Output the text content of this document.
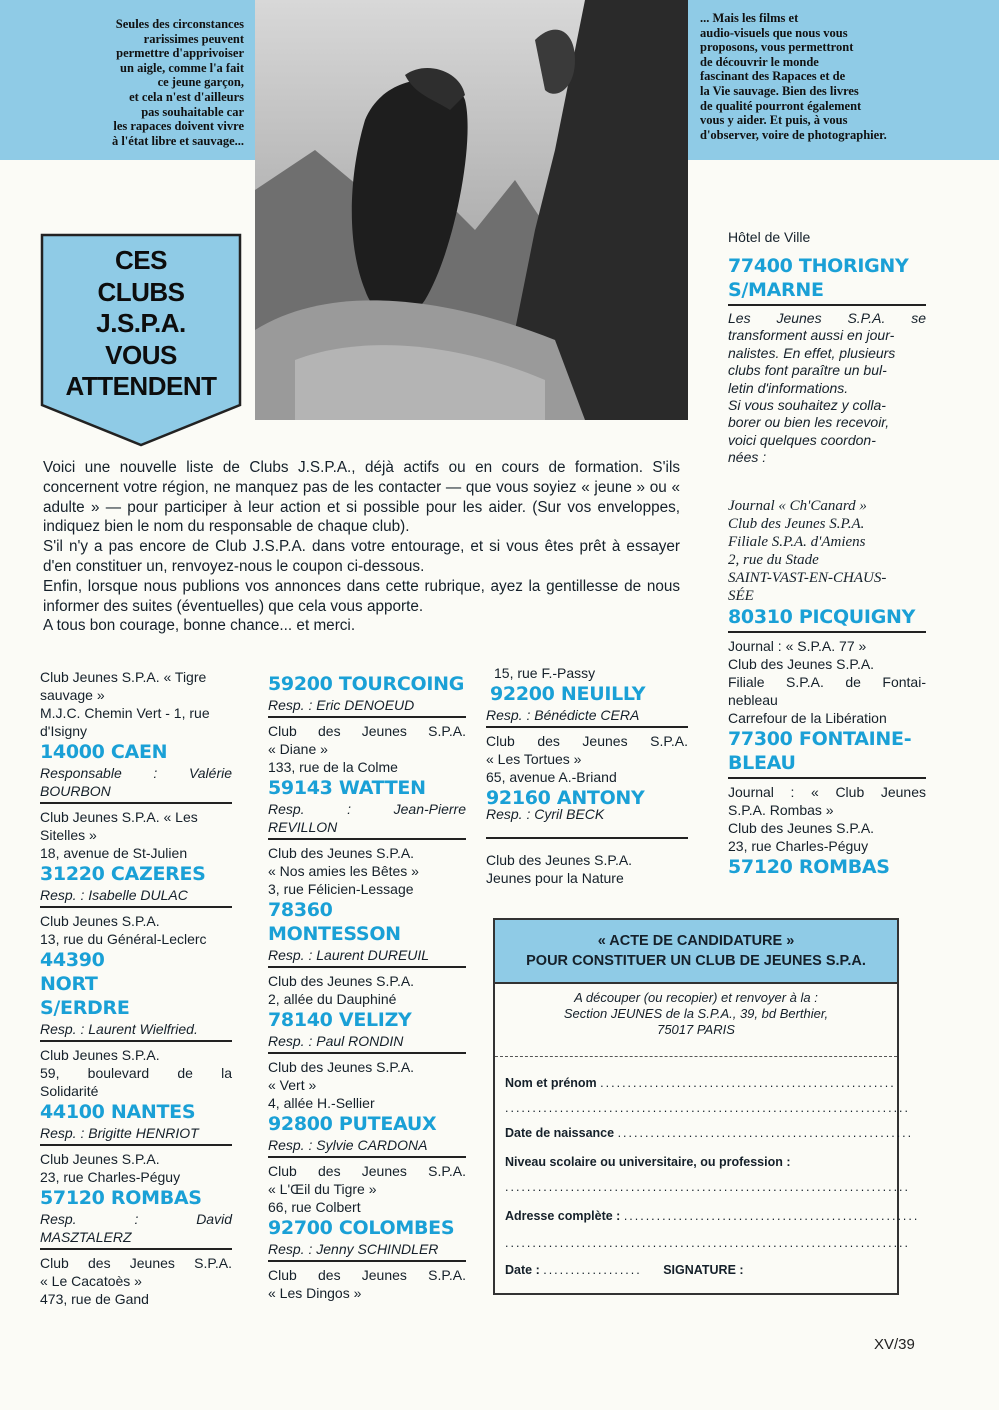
Seules des circonstances
rarissimes peuvent
permettre d'apprivoiser
un aigle, comme l'a fait
ce jeune garçon,
et cela n'est d'ailleurs
pas souhaitable car
les rapaces doivent vivre
à l'état libre et sauvage...
... Mais les films et
audio-visuels que nous vous
proposons, vous permettront
de découvrir le monde
fascinant des Rapaces et de
la Vie sauvage. Bien des livres
de qualité pourront également
vous y aider. Et puis, à vous
d'observer, voire de photographier.
CES
CLUBS
J.S.P.A.
VOUS
ATTENDENT

Voici une nouvelle liste de Clubs J.S.P.A., déjà actifs ou en cours de formation. S'ils concernent votre région, ne manquez pas de les contacter — que vous soyiez « jeune » ou « adulte » — pour participer à leur action et si possible pour les aider. (Sur vos enveloppes, indiquez bien le nom du responsable de chaque club).

S'il n'y a pas encore de Club J.S.P.A. dans votre entourage, et si vous êtes prêt à essayer d'en constituer un, renvoyez-nous le coupon ci-dessous.

Enfin, lorsque nous publions vos annonces dans cette rubrique, ayez la gentillesse de nous informer des suites (éventuelles) que cela vous apporte.

A tous bon courage, bonne chance... et merci.

Club Jeunes S.P.A. « Tigre
sauvage »
M.J.C. Chemin Vert - 1, rue
d'Isigny
14000 CAEN
Responsable : Valérie
BOURBON
Club Jeunes S.P.A. « Les
Sitelles »
18, avenue de St-Julien
31220 CAZERES
Resp. : Isabelle DULAC
Club Jeunes S.P.A.
13, rue du Général-Leclerc
44390 NORT S/ERDRE
Resp. : Laurent Wielfried.
Club Jeunes S.P.A.
59, boulevard de la
Solidarité
44100 NANTES
Resp. : Brigitte HENRIOT
Club Jeunes S.P.A.
23, rue Charles-Péguy
57120 ROMBAS
Resp. : David
MASZTALERZ
Club des Jeunes S.P.A.
« Le Cacatoès »
473, rue de Gand
59200 TOURCOING
Resp. : Eric DENOEUD
Club des Jeunes S.P.A.
« Diane »
133, rue de la Colme
59143 WATTEN
Resp. : Jean-Pierre
REVILLON
Club des Jeunes S.P.A.
« Nos amies les Bêtes »
3, rue Félicien-Lessage
78360 MONTESSON
Resp. : Laurent DUREUIL
Club des Jeunes S.P.A.
2, allée du Dauphiné
78140 VELIZY
Resp. : Paul RONDIN
Club des Jeunes S.P.A.
« Vert »
4, allée H.-Sellier
92800 PUTEAUX
Resp. : Sylvie CARDONA
Club des Jeunes S.P.A.
« L'Œil du Tigre »
66, rue Colbert
92700 COLOMBES
Resp. : Jenny SCHINDLER
Club des Jeunes S.P.A.
« Les Dingos »
15, rue F.-Passy
92200 NEUILLY
Resp. : Bénédicte CERA
Club des Jeunes S.P.A.
« Les Tortues »
65, avenue A.-Briand
92160 ANTONY
Resp. : Cyril BECK
Club des Jeunes S.P.A.
Jeunes pour la Nature
Hôtel de Ville
77400 THORIGNY S/MARNE
Les Jeunes S.P.A. se
transforment aussi en jour-
nalistes. En effet, plusieurs
clubs font paraître un bul-
letin d'informations.
Si vous souhaitez y colla-
borer ou bien les recevoir,
voici quelques coordon-
nées :
Journal « Ch'Canard »
Club des Jeunes S.P.A.
Filiale S.P.A. d'Amiens
2, rue du Stade
SAINT-VAST-EN-CHAUS-
SÉE
80310 PICQUIGNY
Journal : « S.P.A. 77 »
Club des Jeunes S.P.A.
Filiale S.P.A. de Fontai-
nebleau
Carrefour de la Libération
77300 FONTAINE-BLEAU
Journal : « Club Jeunes
S.P.A. Rombas »
Club des Jeunes S.P.A.
23, rue Charles-Péguy
57120 ROMBAS
« ACTE DE CANDIDATURE »
POUR CONSTITUER UN CLUB DE JEUNES S.P.A.
A découper (ou recopier) et renvoyer à la :
Section JEUNES de la S.P.A., 39, bd Berthier,
75017 PARIS
Nom et prénom ......................................................
..........................................................................
Date de naissance ......................................................
Niveau scolaire ou universitaire, ou profession :
..........................................................................
Adresse complète : ......................................................
..........................................................................
Date : .................. SIGNATURE :
XV/39
